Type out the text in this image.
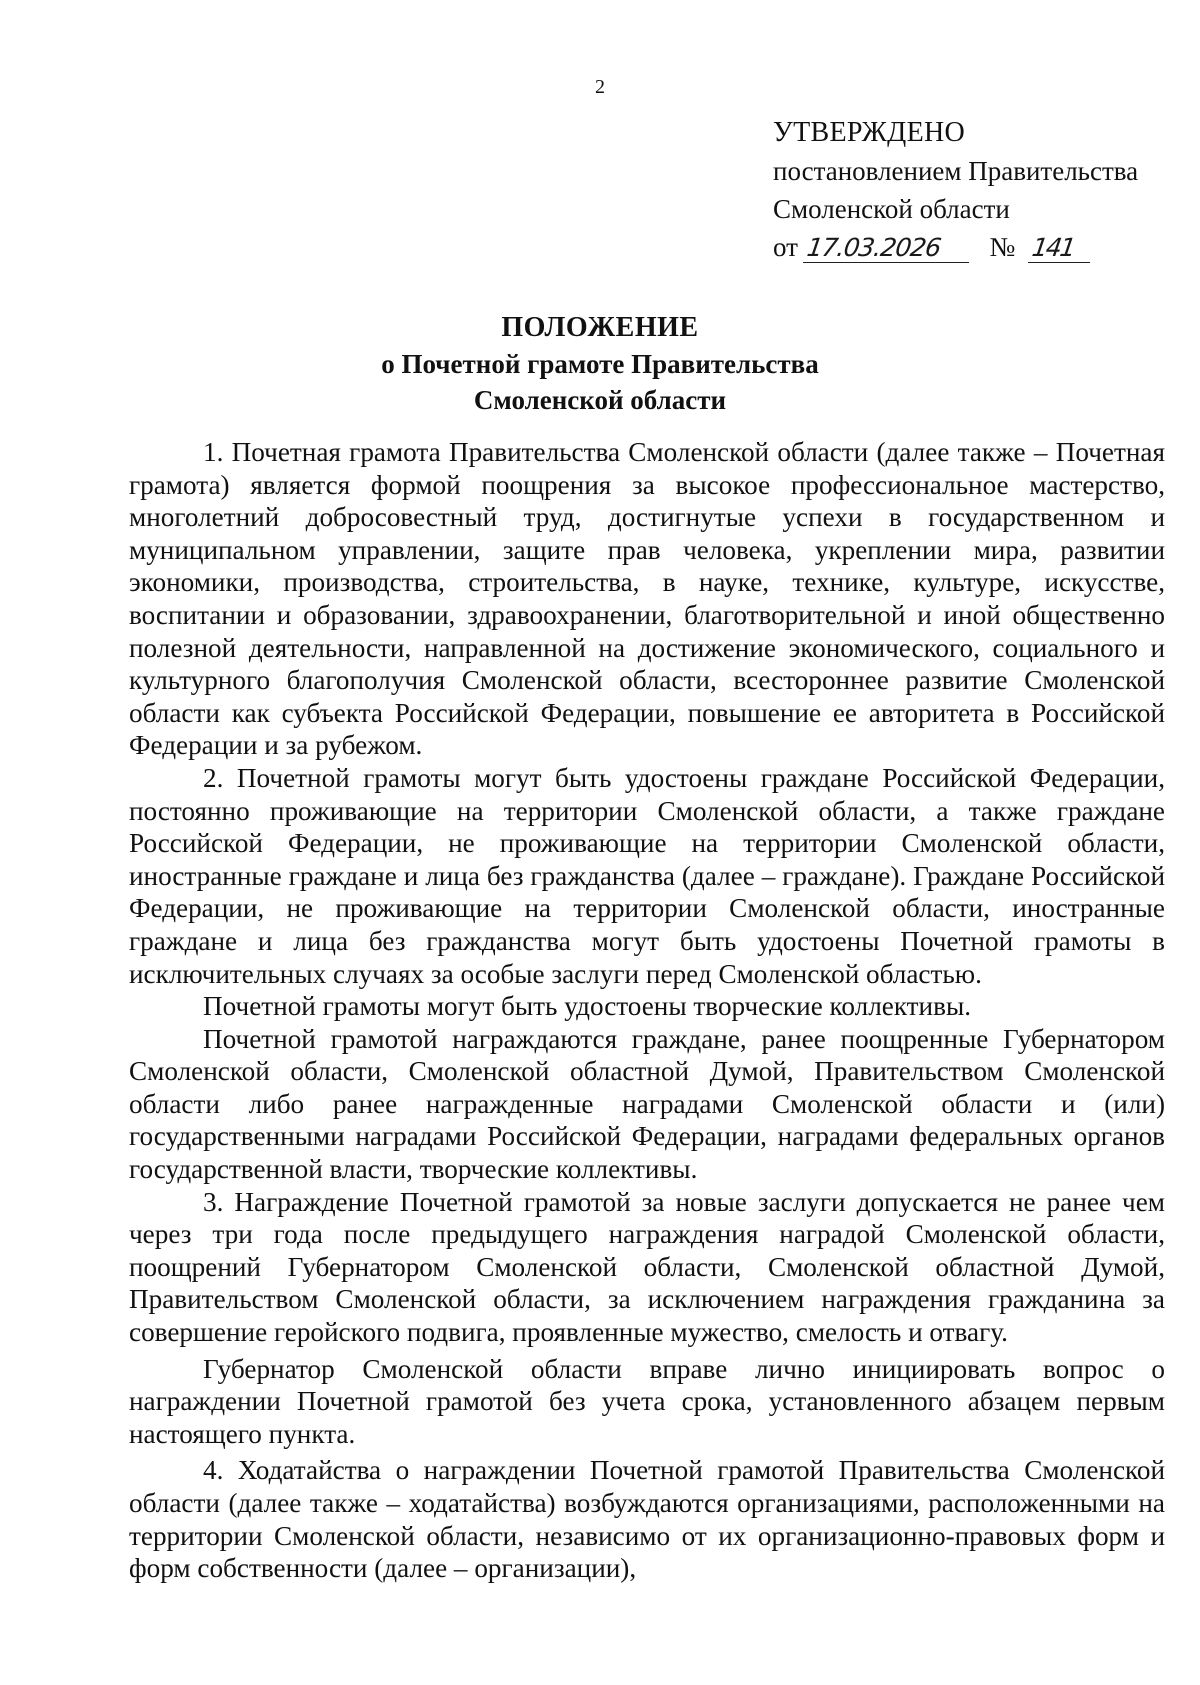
2
УТВЕРЖДЕНО
постановлением Правительства
Смоленской области
от 17.03.2026 № 141
ПОЛОЖЕНИЕ
о Почетной грамоте Правительства
Смоленской области

1. Почетная грамота Правительства Смоленской области (далее также – Почетная грамота) является формой поощрения за высокое профессиональное мастерство, многолетний добросовестный труд, достигнутые успехи в государственном и муниципальном управлении, защите прав человека, укреплении мира, развитии экономики, производства, строительства, в науке, технике, культуре, искусстве, воспитании и образовании, здравоохранении, благотворительной и иной общественно полезной деятельности, направленной на достижение экономического, социального и культурного благополучия Смоленской области, всестороннее развитие Смоленской области как субъекта Российской Федерации, повышение ее авторитета в Российской Федерации и за рубежом.

2. Почетной грамоты могут быть удостоены граждане Российской Федерации, постоянно проживающие на территории Смоленской области, а также граждане Российской Федерации, не проживающие на территории Смоленской области, иностранные граждане и лица без гражданства (далее – граждане). Граждане Российской Федерации, не проживающие на территории Смоленской области, иностранные граждане и лица без гражданства могут быть удостоены Почетной грамоты в исключительных случаях за особые заслуги перед Смоленской областью.

Почетной грамоты могут быть удостоены творческие коллективы.

Почетной грамотой награждаются граждане, ранее поощренные Губернатором Смоленской области, Смоленской областной Думой, Правительством Смоленской области либо ранее награжденные наградами Смоленской области и (или) государственными наградами Российской Федерации, наградами федеральных органов государственной власти, творческие коллективы.

3. Награждение Почетной грамотой за новые заслуги допускается не ранее чем через три года после предыдущего награждения наградой Смоленской области, поощрений Губернатором Смоленской области, Смоленской областной Думой, Правительством Смоленской области, за исключением награждения гражданина за совершение геройского подвига, проявленные мужество, смелость и отвагу.

Губернатор Смоленской области вправе лично инициировать вопрос о награждении Почетной грамотой без учета срока, установленного абзацем первым настоящего пункта.

4. Ходатайства о награждении Почетной грамотой Правительства Смоленской области (далее также – ходатайства) возбуждаются организациями, расположенными на территории Смоленской области, независимо от их организационно-правовых форм и форм собственности (далее – организации),
